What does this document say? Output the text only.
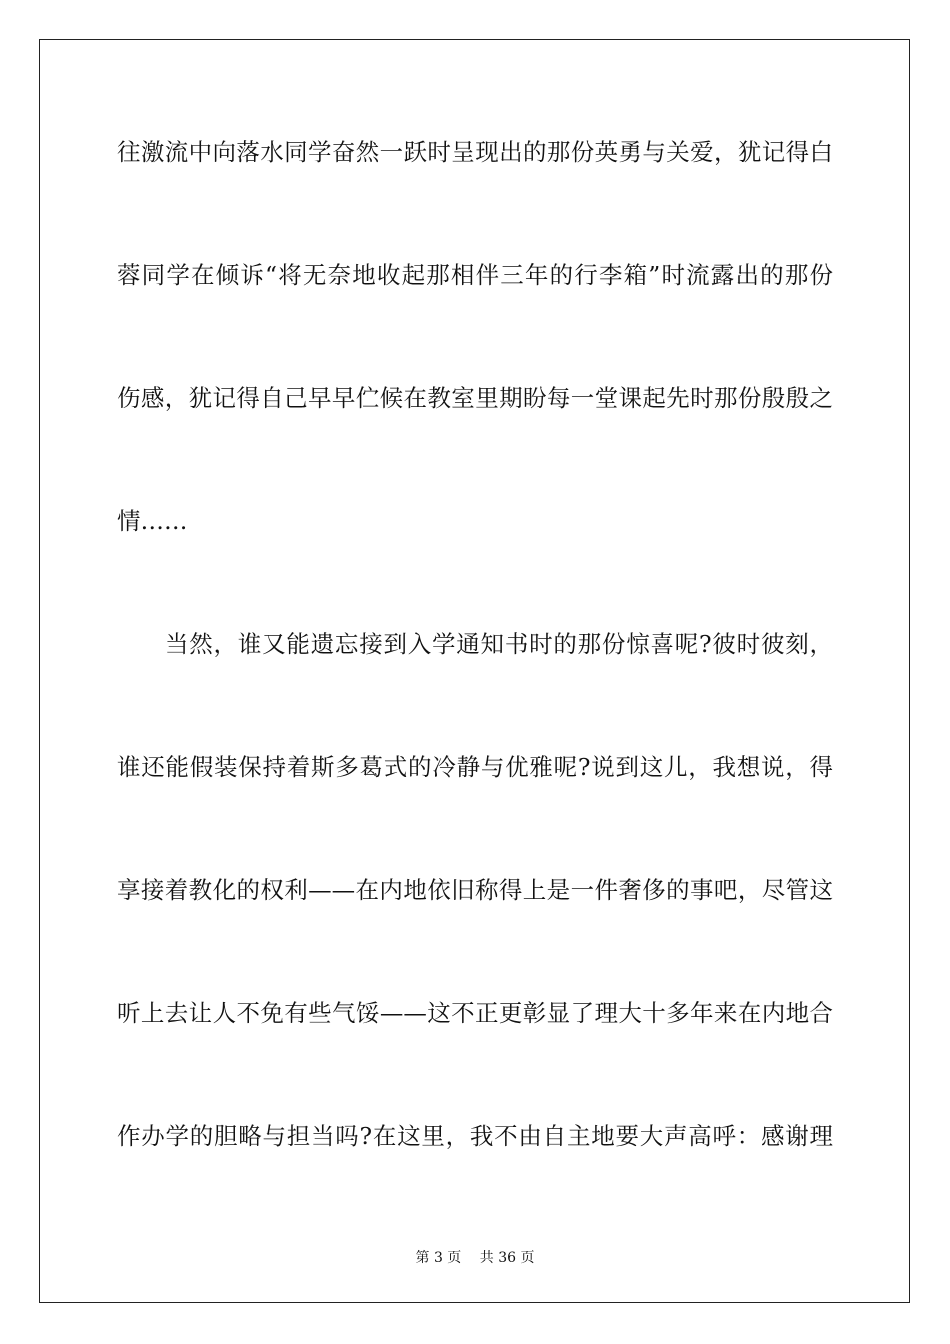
往激流中向落水同学奋然一跃时呈现出的那份英勇与关爱，犹记得白
蓉同学在倾诉“将无奈地收起那相伴三年的行李箱”时流露出的那份
伤感，犹记得自己早早伫候在教室里期盼每一堂课起先时那份殷殷之
情……
当然，谁又能遗忘接到入学通知书时的那份惊喜呢?彼时彼刻，
谁还能假装保持着斯多葛式的冷静与优雅呢?说到这儿，我想说，得
享接着教化的权利——在内地依旧称得上是一件奢侈的事吧，尽管这
听上去让人不免有些气馁——这不正更彰显了理大十多年来在内地合
作办学的胆略与担当吗?在这里，我不由自主地要大声高呼：感谢理
第 3 页　 共 36 页
